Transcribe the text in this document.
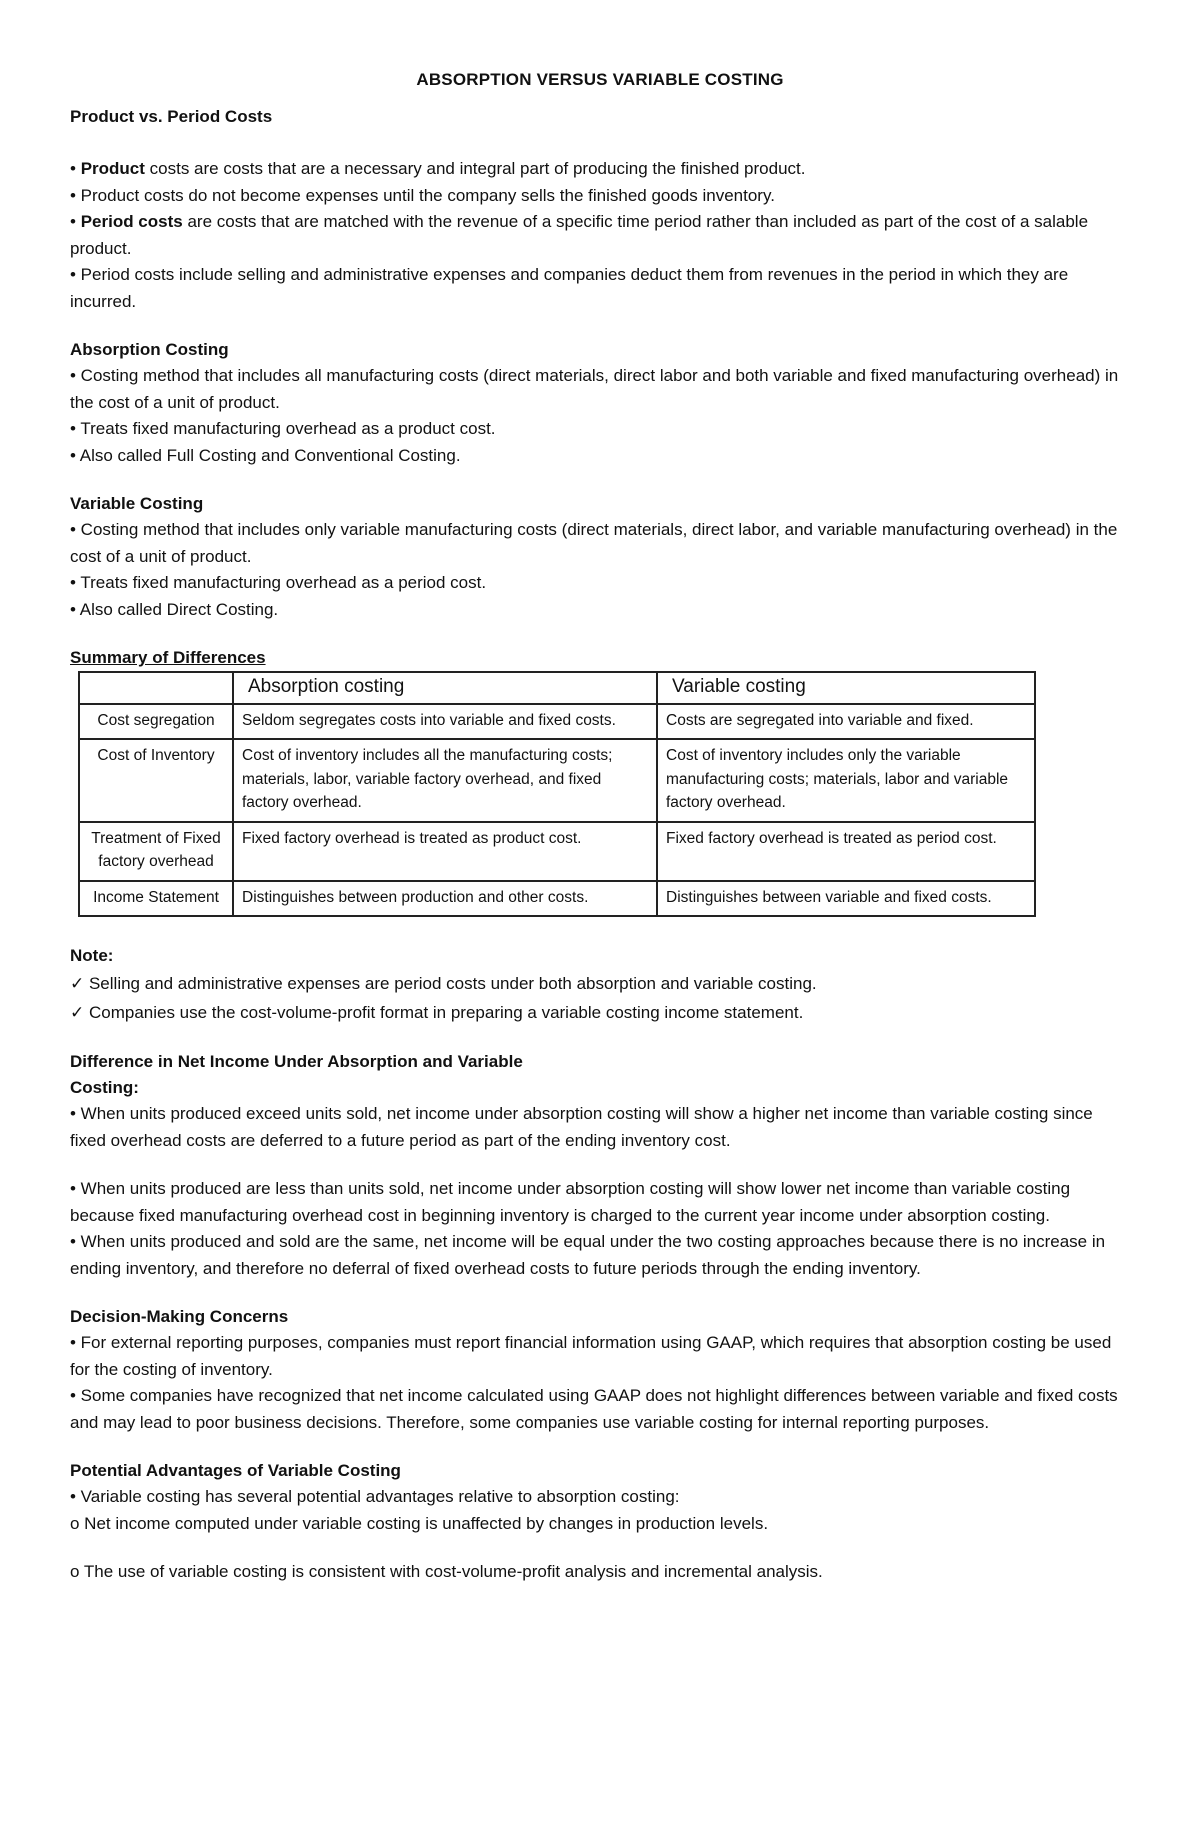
ABSORPTION VERSUS VARIABLE COSTING

Product vs. Period Costs

• Product costs are costs that are a necessary and integral part of producing the finished product.

• Product costs do not become expenses until the company sells the finished goods inventory.

• Period costs are costs that are matched with the revenue of a specific time period rather than included as part of the cost of a salable product.

• Period costs include selling and administrative expenses and companies deduct them from revenues in the period in which they are incurred.

Absorption Costing

• Costing method that includes all manufacturing costs (direct materials, direct labor and both variable and fixed manufacturing overhead) in the cost of a unit of product.

• Treats fixed manufacturing overhead as a product cost.

• Also called Full Costing and Conventional Costing.

Variable Costing

• Costing method that includes only variable manufacturing costs (direct materials, direct labor, and variable manufacturing overhead) in the cost of a unit of product.

• Treats fixed manufacturing overhead as a period cost.

• Also called Direct Costing.

Summary of Differences

	Absorption costing	Variable costing
Cost segregation	Seldom segregates costs into variable and fixed costs.	Costs are segregated into variable and fixed.
Cost of Inventory	Cost of inventory includes all the manufacturing costs; materials, labor, variable factory overhead, and fixed factory overhead.	Cost of inventory includes only the variable manufacturing costs; materials, labor and variable factory overhead.
Treatment of Fixed factory overhead	Fixed factory overhead is treated as product cost.	Fixed factory overhead is treated as period cost.
Income Statement	Distinguishes between production and other costs.	Distinguishes between variable and fixed costs.

Note:

✓ Selling and administrative expenses are period costs under both absorption and variable costing.

✓ Companies use the cost-volume-profit format in preparing a variable costing income statement.

Difference in Net Income Under Absorption and Variable

Costing:

• When units produced exceed units sold, net income under absorption costing will show a higher net income than variable costing since fixed overhead costs are deferred to a future period as part of the ending inventory cost.

• When units produced are less than units sold, net income under absorption costing will show lower net income than variable costing because fixed manufacturing overhead cost in beginning inventory is charged to the current year income under absorption costing.

• When units produced and sold are the same, net income will be equal under the two costing approaches because there is no increase in ending inventory, and therefore no deferral of fixed overhead costs to future periods through the ending inventory.

Decision-Making Concerns

• For external reporting purposes, companies must report financial information using GAAP, which requires that absorption costing be used for the costing of inventory.

• Some companies have recognized that net income calculated using GAAP does not highlight differences between variable and fixed costs and may lead to poor business decisions. Therefore, some companies use variable costing for internal reporting purposes.

Potential Advantages of Variable Costing

• Variable costing has several potential advantages relative to absorption costing:

o Net income computed under variable costing is unaffected by changes in production levels.

o The use of variable costing is consistent with cost-volume-profit analysis and incremental analysis.
